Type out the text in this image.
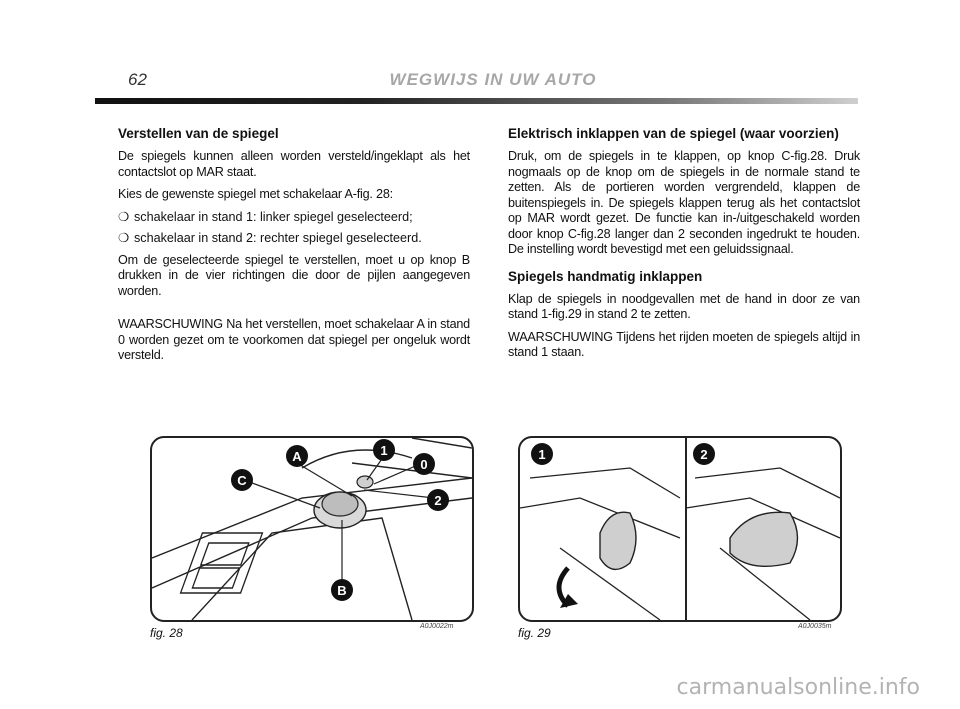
62	WEGWIJS IN UW AUTO
Verstellen van de spiegel

De spiegels kunnen alleen worden versteld/ingeklapt als het contactslot op MAR staat.

Kies de gewenste spiegel met schakelaar A-fig. 28:

❍ schakelaar in stand 1: linker spiegel geselecteerd;
❍ schakelaar in stand 2: rechter spiegel geselecteerd.

Om de geselecteerde spiegel te verstellen, moet u op knop B drukken in de vier richtingen die door de pijlen aangegeven worden.

WAARSCHUWING Na het verstellen, moet schakelaar A in stand 0 worden gezet om te voorkomen dat spiegel per ongeluk wordt versteld.

Elektrisch inklappen van de spiegel (waar voorzien)

Druk, om de spiegels in te klappen, op knop C-fig.28. Druk nogmaals op de knop om de spiegels in de normale stand te zetten. Als de portieren worden vergrendeld, klappen de buitenspiegels in. De spiegels klappen terug als het contactslot op MAR wordt gezet. De functie kan in-/uitgeschakeld worden door knop C-fig.28 langer dan 2 seconden ingedrukt te houden. De instelling wordt bevestigd met een geluidssignaal.

Spiegels handmatig inklappen

Klap de spiegels in noodgevallen met de hand in door ze van stand 1-fig.29 in stand 2 te zetten.

WAARSCHUWING Tijdens het rijden moeten de spiegels altijd in stand 1 staan.

A	1
0
C
2
B
fig. 28	A0J0022m
1	2
fig. 29	A0J0035m
carmanualsonline.info
